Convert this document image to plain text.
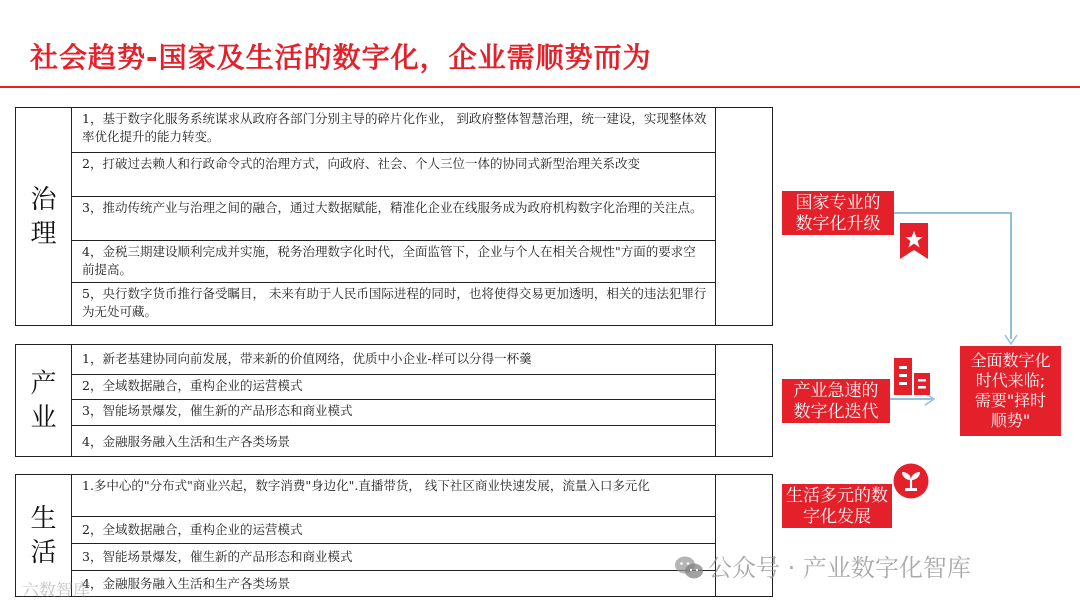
社会趋势-国家及生活的数字化，企业需顺势而为
治理
1，基于数字化服务系统谋求从政府各部门分别主导的碎片化作业， 到政府整体智慧治理，统一建设，实现整体效率优化提升的能力转变。
2，打破过去赖人和行政命令式的治理方式，向政府、社会、个人三位一体的协同式新型治理关系改变
3，推动传统产业与治理之间的融合，通过大数据赋能，精准化企业在线服务成为政府机构数字化治理的关注点。
4，金税三期建设顺利完成并实施，税务治理数字化时代，全面监管下，企业与个人在相关合规性"方面的要求空前提高。
5，央行数字货币推行备受瞩目， 未来有助于人民币国际进程的同时，也将使得交易更加透明，相关的违法犯罪行为无处可藏。
产业
1，新老基建协同向前发展，带来新的价值网络，优质中小企业-样可以分得一杯羹
2，全域数据融合，重构企业的运营模式
3，智能场景爆发，催生新的产品形态和商业模式
4，金融服务融入生活和生产各类场景
生活
1.多中心的"分布式"商业兴起，数字消费"身边化".直播带货， 线下社区商业快速发展，流量入口多元化
2，全域数据融合，重构企业的运营模式
3，智能场景爆发，催生新的产品形态和商业模式
4，金融服务融入生活和生产各类场景
国家专业的数字化升级
产业急速的数字化迭代
生活多元的数字化发展
全面数字化时代来临;需要"择时顺势"
公众号 · 产业数字化智库
六数智库
